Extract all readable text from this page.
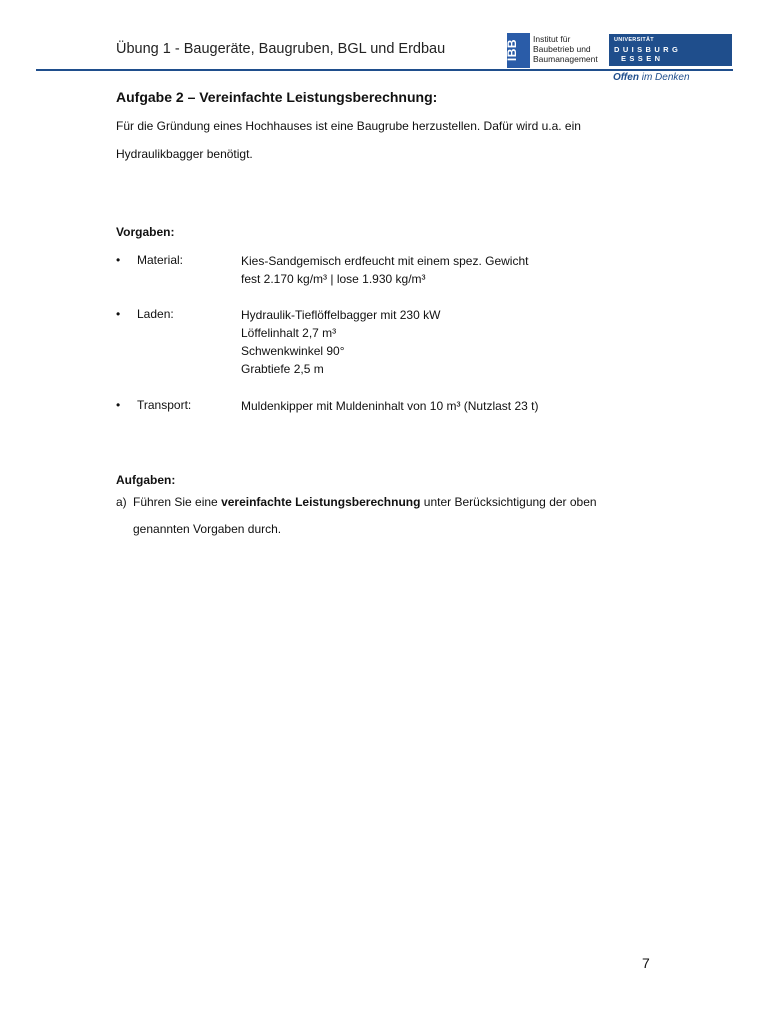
Übung 1 - Baugeräte, Baugruben, BGL und Erdbau	IBB Institut für
Baubetrieb und
Baumanagement
UNIVERSITÄT
DUISBURG
ESSEN
Offen im Denken
Aufgabe 2 – Vereinfachte Leistungsberechnung:
Für die Gründung eines Hochhauses ist eine Baugrube herzustellen. Dafür wird u.a. ein
Hydraulikbagger benötigt.
Vorgaben:
• Material:	Kies-Sandgemisch erdfeucht mit einem spez. Gewicht
fest 2.170 kg/m³ | lose 1.930 kg/m³
• Laden:	Hydraulik-Tieflöffelbagger mit 230 kW
Löffelinhalt 2,7 m³
Schwenkwinkel 90°
Grabtiefe 2,5 m
• Transport:	Muldenkipper mit Muldeninhalt von 10 m³ (Nutzlast 23 t)
Aufgaben:
a) Führen Sie eine vereinfachte Leistungsberechnung unter Berücksichtigung der oben
genannten Vorgaben durch.
7
